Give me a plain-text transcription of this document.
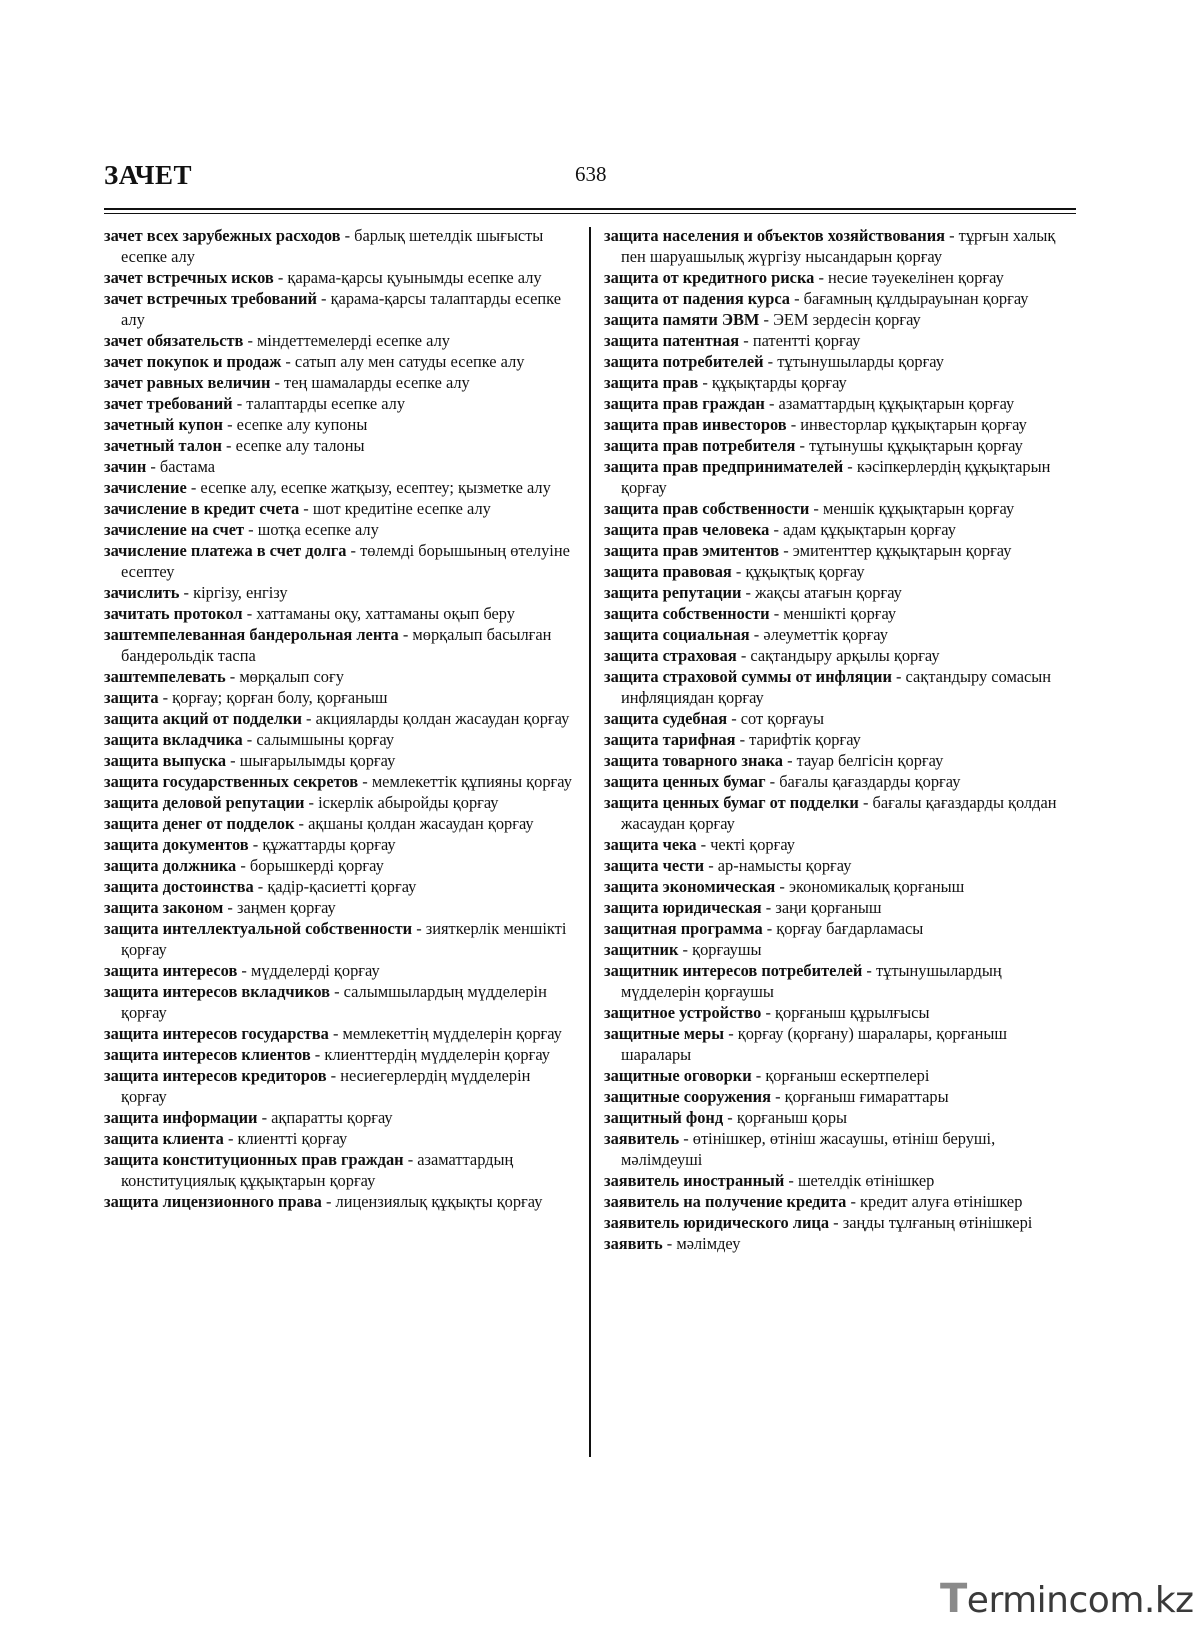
ЗАЧЕТ	638
зачет всех зарубежных расходов - барлық шетелдік шығысты есепке алу
зачет встречных исков - қарама-қарсы қуынымды есепке алу
зачет встречных требований - қарама-қарсы талаптарды есепке алу
зачет обязательств - міндеттемелерді есепке алу
зачет покупок и продаж - сатып алу мен сатуды есепке алу
зачет равных величин - тең шамаларды есепке алу
зачет требований - талаптарды есепке алу
зачетный купон - есепке алу купоны
зачетный талон - есепке алу талоны
зачин - бастама
зачисление - есепке алу, есепке жатқызу, есептеу; қызметке алу
зачисление в кредит счета - шот кредитіне есепке алу
зачисление на счет - шотқа есепке алу
зачисление платежа в счет долга - төлемді борышының өтелуіне есептеу
зачислить - кіргізу, енгізу
зачитать протокол - хаттаманы оқу, хаттаманы оқып беру
заштемпелеванная бандерольная лента - мөрқалып басылған бандерольдік таспа
заштемпелевать - мөрқалып соғу
защита - қорғау; қорған болу, қорғаныш
защита акций от подделки - акцияларды қолдан жасаудан қорғау
защита вкладчика - салымшыны қорғау
защита выпуска - шығарылымды қорғау
защита государственных секретов - мемлекеттік құпияны қорғау
защита деловой репутации - іскерлік абыройды қорғау
защита денег от подделок - ақшаны қолдан жасаудан қорғау
защита документов - құжаттарды қорғау
защита должника - борышкерді қорғау
защита достоинства - қадір-қасиетті қорғау
защита законом - заңмен қорғау
защита интеллектуальной собственности - зияткерлік меншікті қорғау
защита интересов - мүдделерді қорғау
защита интересов вкладчиков - салымшылардың мүдделерін қорғау
защита интересов государства - мемлекеттің мүдделерін қорғау
защита интересов клиентов - клиенттердің мүдделерін қорғау
защита интересов кредиторов - несиегерлердің мүдделерін қорғау
защита информации - ақпаратты қорғау
защита клиента - клиентті қорғау
защита конституционных прав граждан - азаматтардың конституциялық құқықтарын қорғау
защита лицензионного права - лицензиялық құқықты қорғау
защита населения и объектов хозяйствования - тұрғын халық пен шаруашылық жүргізу нысандарын қорғау
защита от кредитного риска - несие тәуекелінен қорғау
защита от падения курса - бағамның құлдырауынан қорғау
защита памяти ЭВМ - ЭЕМ зердесін қорғау
защита патентная - патентті қорғау
защита потребителей - тұтынушыларды қорғау
защита прав - құқықтарды қорғау
защита прав граждан - азаматтардың құқықтарын қорғау
защита прав инвесторов - инвесторлар құқықтарын қорғау
защита прав потребителя - тұтынушы құқықтарын қорғау
защита прав предпринимателей - кәсіпкерлердің құқықтарын қорғау
защита прав собственности - меншік құқықтарын қорғау
защита прав человека - адам құқықтарын қорғау
защита прав эмитентов - эмитенттер құқықтарын қорғау
защита правовая - құқықтық қорғау
защита репутации - жақсы атағын қорғау
защита собственности - меншікті қорғау
защита социальная - әлеуметтік қорғау
защита страховая - сақтандыру арқылы қорғау
защита страховой суммы от инфляции - сақтандыру сомасын инфляциядан қорғау
защита судебная - сот қорғауы
защита тарифная - тарифтік қорғау
защита товарного знака - тауар белгісін қорғау
защита ценных бумаг - бағалы қағаздарды қорғау
защита ценных бумаг от подделки - бағалы қағаздарды қолдан жасаудан қорғау
защита чека - чекті қорғау
защита чести - ар-намысты қорғау
защита экономическая - экономикалық қорғаныш
защита юридическая - заңи қорғаныш
защитная программа - қорғау бағдарламасы
защитник - қорғаушы
защитник интересов потребителей - тұтынушылардың мүдделерін қорғаушы
защитное устройство - қорғаныш құрылғысы
защитные меры - қорғау (қорғану) шаралары, қорғаныш шаралары
защитные оговорки - қорғаныш ескертпелері
защитные сооружения - қорғаныш ғимараттары
защитный фонд - қорғаныш қоры
заявитель - өтінішкер, өтініш жасаушы, өтініш беруші, мәлімдеуші
заявитель иностранный - шетелдік өтінішкер
заявитель на получение кредита - кредит алуға өтінішкер
заявитель юридического лица - заңды тұлғаның өтінішкері
заявить - мәлімдеу
Termincom.kz
